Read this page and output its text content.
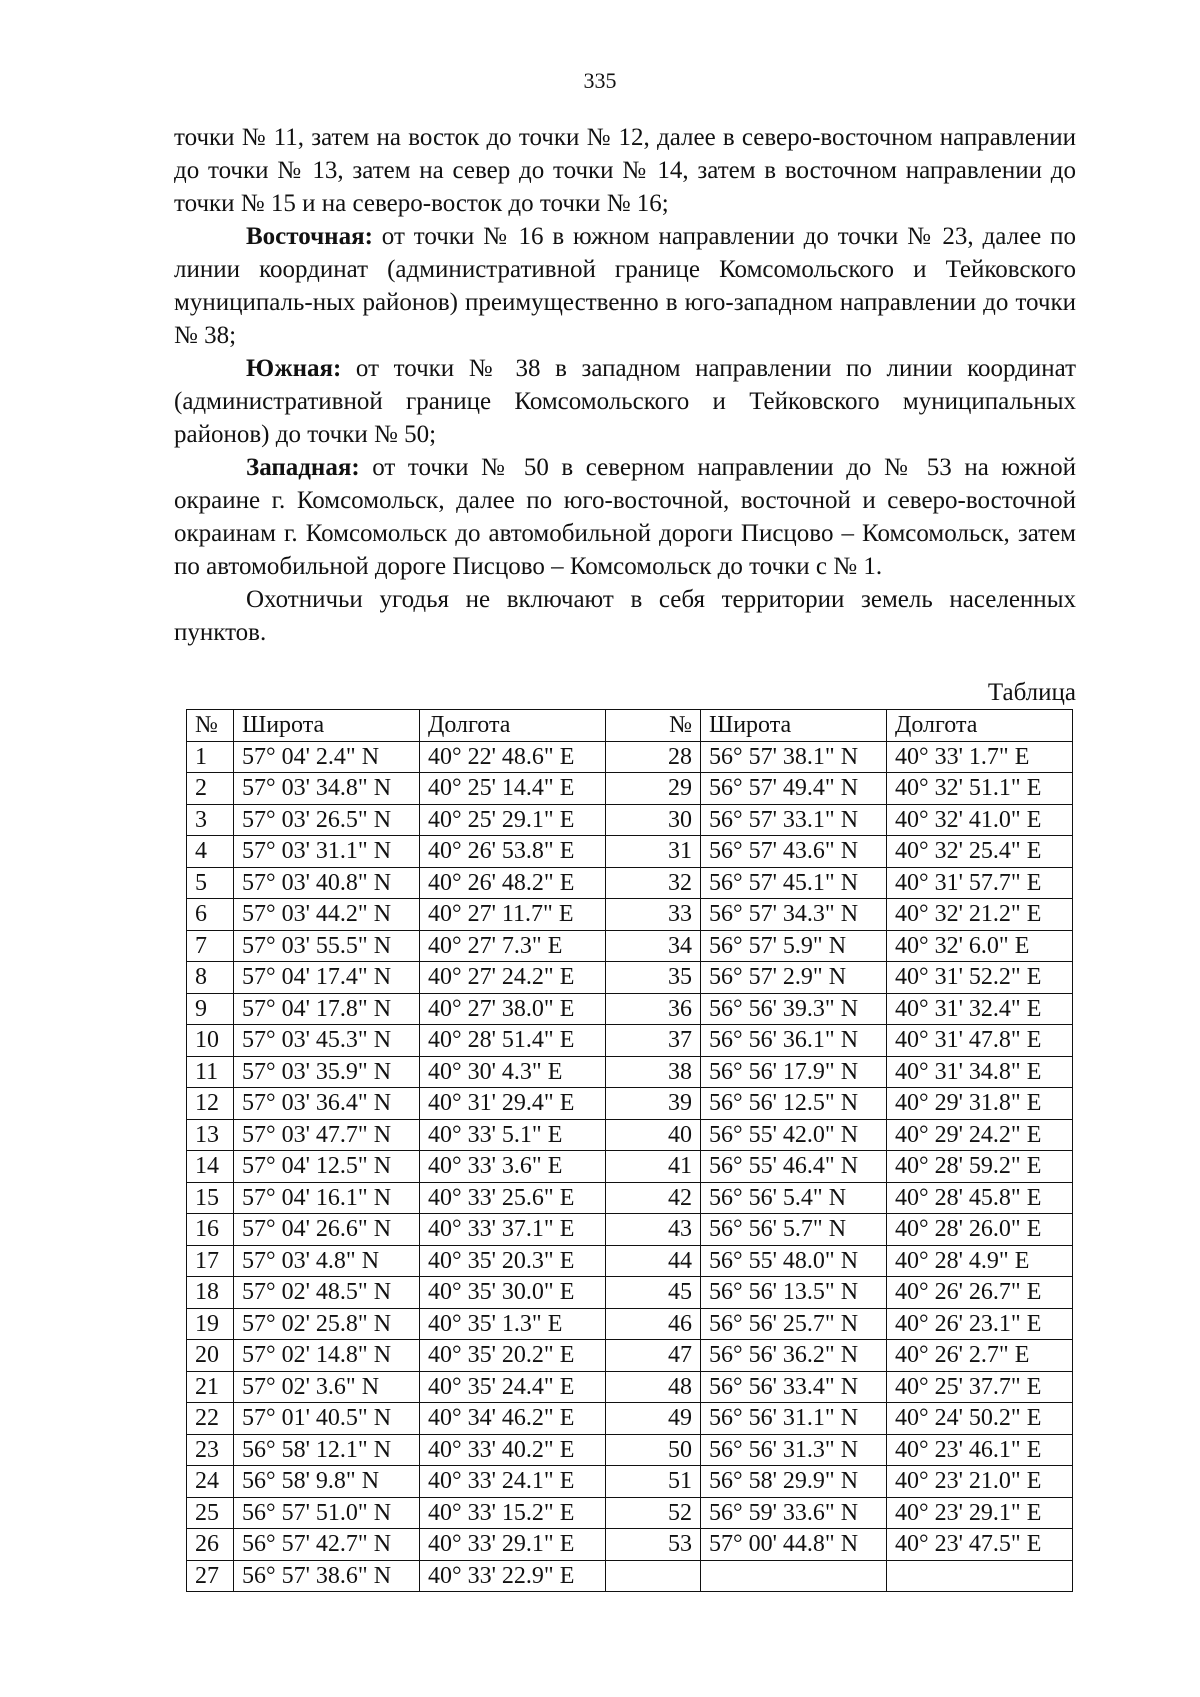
335

точки № 11, затем на восток до точки № 12, далее в северо-восточном направлении до точки № 13, затем на север до точки № 14, затем в восточном направлении до точки № 15 и на северо-восток до точки № 16;

Восточная: от точки № 16 в южном направлении до точки № 23, далее по линии координат (административной границе Комсомольского и Тейковского муниципаль-ных районов) преимущественно в юго-западном направлении до точки № 38;

Южная: от точки № 38 в западном направлении по линии координат (административной границе Комсомольского и Тейковского муниципальных районов) до точки № 50;

Западная: от точки № 50 в северном направлении до № 53 на южной окраине г. Комсомольск, далее по юго-восточной, восточной и северо-восточной окраинам г. Комсомольск до автомобильной дороги Писцово – Комсомольск, затем по автомобильной дороге Писцово – Комсомольск до точки с № 1.

Охотничьи угодья не включают в себя территории земель населенных пунктов.

Таблица
№	Широта	Долгота	№	Широта	Долгота
1	57° 04' 2.4" N	40° 22' 48.6" E	28	56° 57' 38.1" N	40° 33' 1.7" E
2	57° 03' 34.8" N	40° 25' 14.4" E	29	56° 57' 49.4" N	40° 32' 51.1" E
3	57° 03' 26.5" N	40° 25' 29.1" E	30	56° 57' 33.1" N	40° 32' 41.0" E
4	57° 03' 31.1" N	40° 26' 53.8" E	31	56° 57' 43.6" N	40° 32' 25.4" E
5	57° 03' 40.8" N	40° 26' 48.2" E	32	56° 57' 45.1" N	40° 31' 57.7" E
6	57° 03' 44.2" N	40° 27' 11.7" E	33	56° 57' 34.3" N	40° 32' 21.2" E
7	57° 03' 55.5" N	40° 27' 7.3" E	34	56° 57' 5.9" N	40° 32' 6.0" E
8	57° 04' 17.4" N	40° 27' 24.2" E	35	56° 57' 2.9" N	40° 31' 52.2" E
9	57° 04' 17.8" N	40° 27' 38.0" E	36	56° 56' 39.3" N	40° 31' 32.4" E
10	57° 03' 45.3" N	40° 28' 51.4" E	37	56° 56' 36.1" N	40° 31' 47.8" E
11	57° 03' 35.9" N	40° 30' 4.3" E	38	56° 56' 17.9" N	40° 31' 34.8" E
12	57° 03' 36.4" N	40° 31' 29.4" E	39	56° 56' 12.5" N	40° 29' 31.8" E
13	57° 03' 47.7" N	40° 33' 5.1" E	40	56° 55' 42.0" N	40° 29' 24.2" E
14	57° 04' 12.5" N	40° 33' 3.6" E	41	56° 55' 46.4" N	40° 28' 59.2" E
15	57° 04' 16.1" N	40° 33' 25.6" E	42	56° 56' 5.4" N	40° 28' 45.8" E
16	57° 04' 26.6" N	40° 33' 37.1" E	43	56° 56' 5.7" N	40° 28' 26.0" E
17	57° 03' 4.8" N	40° 35' 20.3" E	44	56° 55' 48.0" N	40° 28' 4.9" E
18	57° 02' 48.5" N	40° 35' 30.0" E	45	56° 56' 13.5" N	40° 26' 26.7" E
19	57° 02' 25.8" N	40° 35' 1.3" E	46	56° 56' 25.7" N	40° 26' 23.1" E
20	57° 02' 14.8" N	40° 35' 20.2" E	47	56° 56' 36.2" N	40° 26' 2.7" E
21	57° 02' 3.6" N	40° 35' 24.4" E	48	56° 56' 33.4" N	40° 25' 37.7" E
22	57° 01' 40.5" N	40° 34' 46.2" E	49	56° 56' 31.1" N	40° 24' 50.2" E
23	56° 58' 12.1" N	40° 33' 40.2" E	50	56° 56' 31.3" N	40° 23' 46.1" E
24	56° 58' 9.8" N	40° 33' 24.1" E	51	56° 58' 29.9" N	40° 23' 21.0" E
25	56° 57' 51.0" N	40° 33' 15.2" E	52	56° 59' 33.6" N	40° 23' 29.1" E
26	56° 57' 42.7" N	40° 33' 29.1" E	53	57° 00' 44.8" N	40° 23' 47.5" E
27	56° 57' 38.6" N	40° 33' 22.9" E			
